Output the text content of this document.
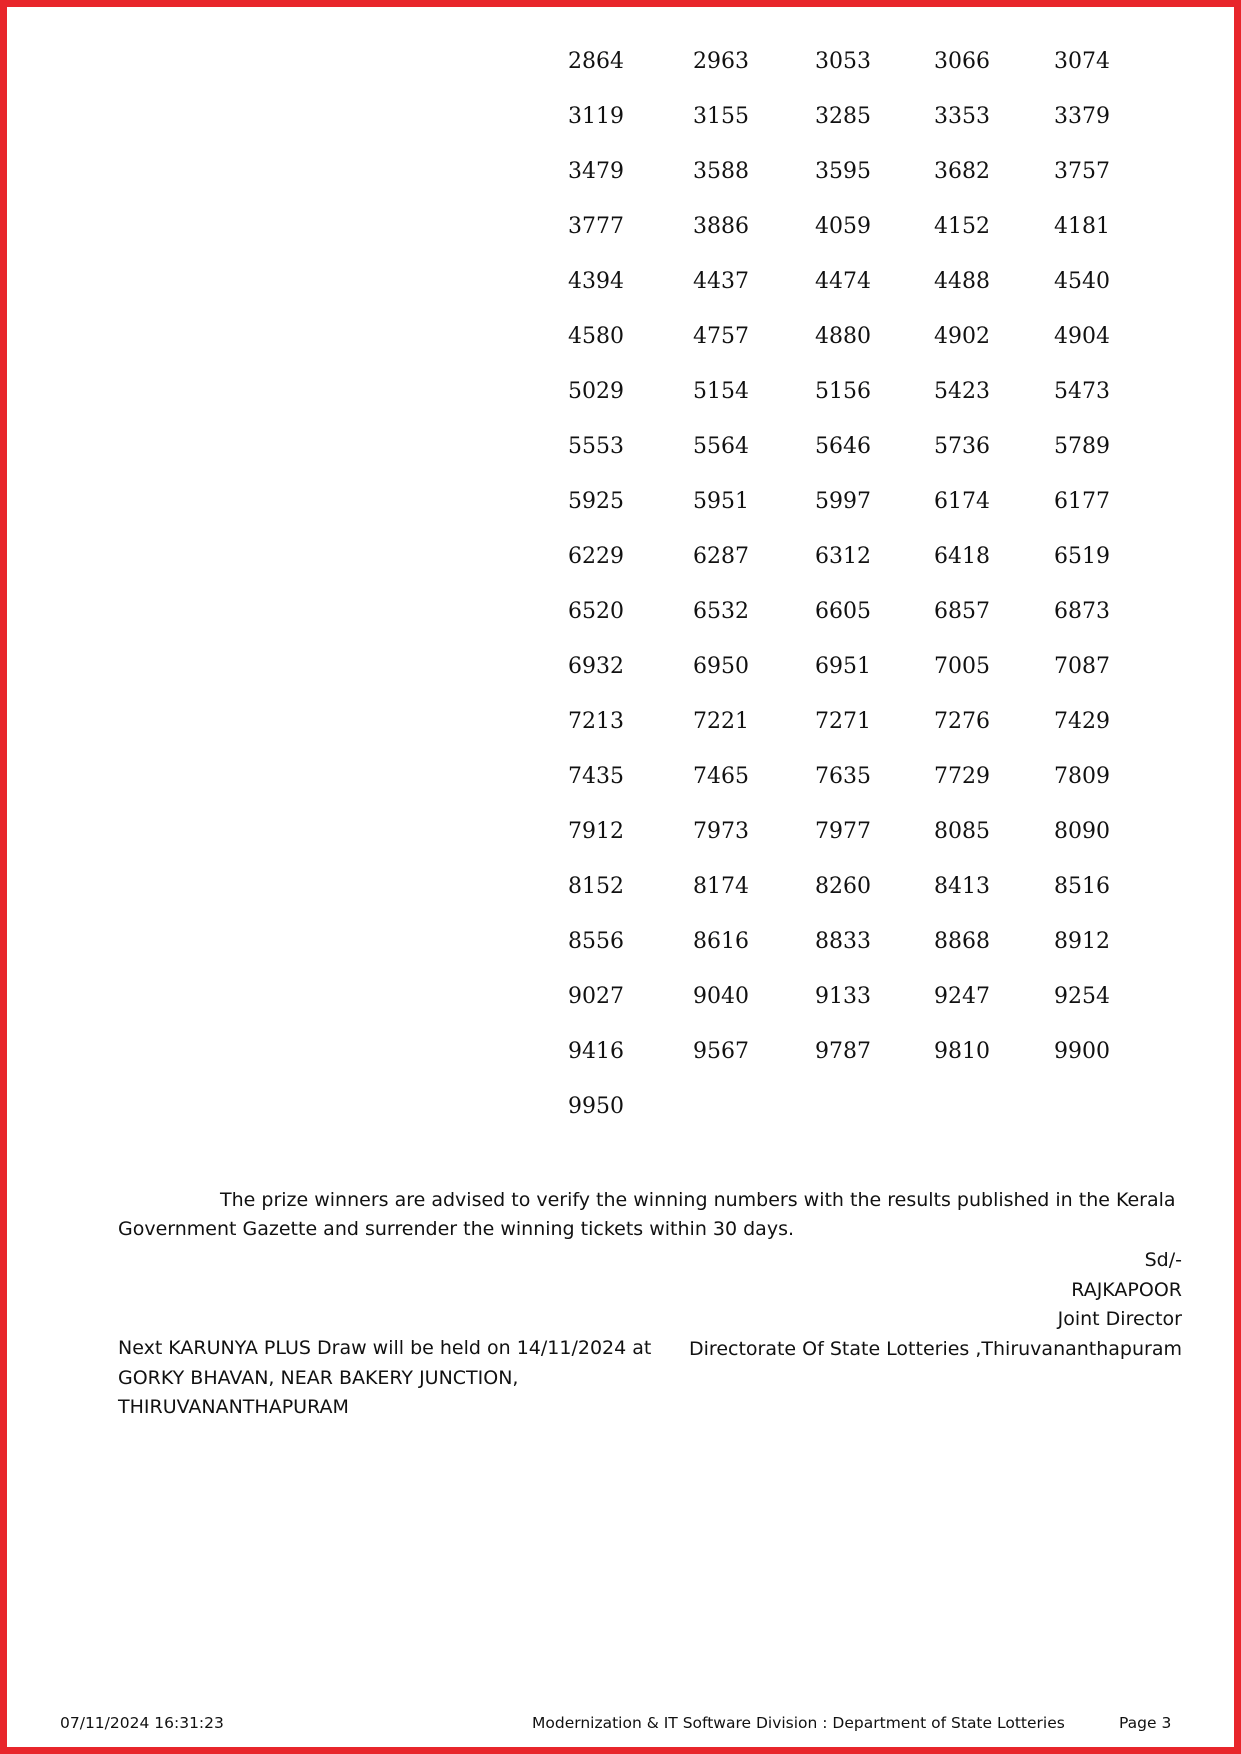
2864	2963	3053	3066	3074
3119	3155	3285	3353	3379
3479	3588	3595	3682	3757
3777	3886	4059	4152	4181
4394	4437	4474	4488	4540
4580	4757	4880	4902	4904
5029	5154	5156	5423	5473
5553	5564	5646	5736	5789
5925	5951	5997	6174	6177
6229	6287	6312	6418	6519
6520	6532	6605	6857	6873
6932	6950	6951	7005	7087
7213	7221	7271	7276	7429
7435	7465	7635	7729	7809
7912	7973	7977	8085	8090
8152	8174	8260	8413	8516
8556	8616	8833	8868	8912
9027	9040	9133	9247	9254
9416	9567	9787	9810	9900
9950
The prize winners are advised to verify the winning numbers with the results published in the Kerala Government Gazette and surrender the winning tickets within 30 days.
Sd/-
RAJKAPOOR
Joint Director
Directorate Of State Lotteries ,Thiruvananthapuram
Next KARUNYA PLUS Draw will be held on 14/11/2024 at
GORKY BHAVAN, NEAR BAKERY JUNCTION,
THIRUVANANTHAPURAM
07/11/2024 16:31:23	Modernization & IT Software Division : Department of State Lotteries	Page 3
